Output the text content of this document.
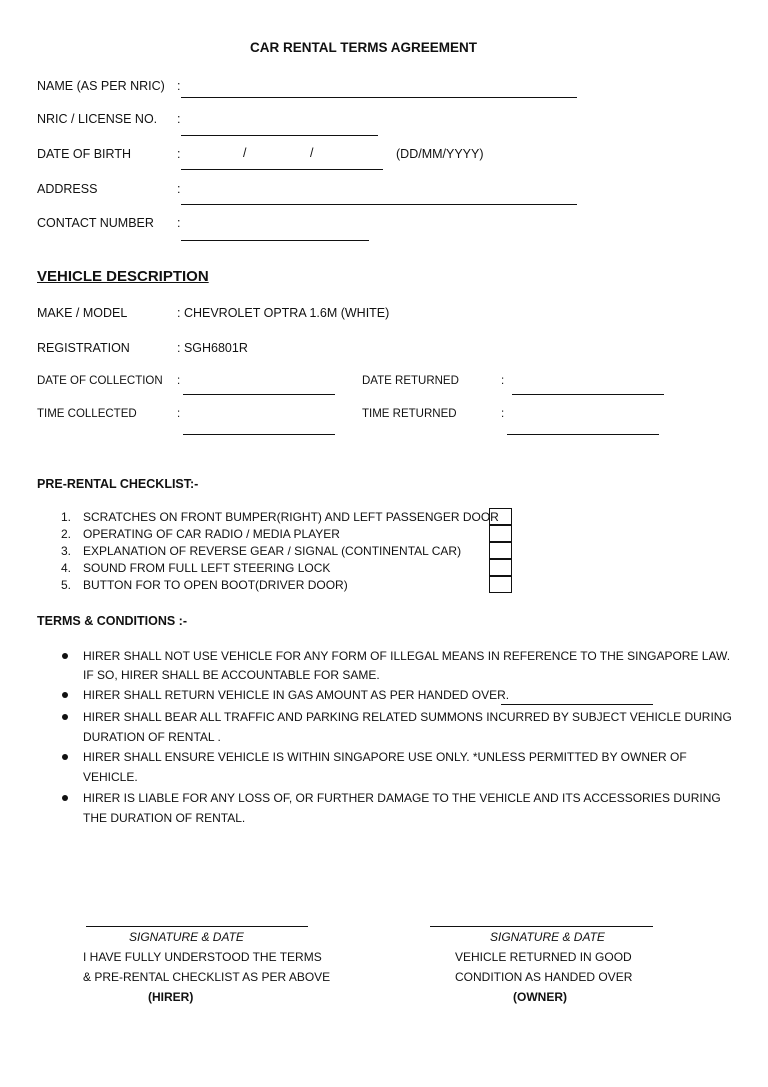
CAR RENTAL TERMS AGREEMENT
NAME (AS PER NRIC) :
NRIC / LICENSE NO. :
DATE OF BIRTH	:	/	/	(DD/MM/YYYY)
ADDRESS	:
CONTACT NUMBER :
VEHICLE DESCRIPTION
MAKE / MODEL	: CHEVROLET OPTRA 1.6M (WHITE)
REGISTRATION	: SGH6801R
DATE OF COLLECTION :	DATE RETURNED	:
TIME COLLECTED	:	TIME RETURNED	:
PRE-RENTAL CHECKLIST:-
1. SCRATCHES ON FRONT BUMPER(RIGHT) AND LEFT PASSENGER DOOR
2. OPERATING OF CAR RADIO / MEDIA PLAYER
3. EXPLANATION OF REVERSE GEAR / SIGNAL (CONTINENTAL CAR)
4. SOUND FROM FULL LEFT STEERING LOCK
5. BUTTON FOR TO OPEN BOOT(DRIVER DOOR)
TERMS & CONDITIONS :-
HIRER SHALL NOT USE VEHICLE FOR ANY FORM OF ILLEGAL MEANS IN REFERENCE TO THE SINGAPORE LAW.
IF SO, HIRER SHALL BE ACCOUNTABLE FOR SAME.
HIRER SHALL RETURN VEHICLE IN GAS AMOUNT AS PER HANDED OVER.
HIRER SHALL BEAR ALL TRAFFIC AND PARKING RELATED SUMMONS INCURRED BY SUBJECT VEHICLE DURING
DURATION OF RENTAL .
HIRER SHALL ENSURE VEHICLE IS WITHIN SINGAPORE USE ONLY. *UNLESS PERMITTED BY OWNER OF
VEHICLE.
HIRER IS LIABLE FOR ANY LOSS OF, OR FURTHER DAMAGE TO THE VEHICLE AND ITS ACCESSORIES DURING
THE DURATION OF RENTAL.
SIGNATURE & DATE
I HAVE FULLY UNDERSTOOD THE TERMS
& PRE-RENTAL CHECKLIST AS PER ABOVE
(HIRER)
SIGNATURE & DATE
VEHICLE RETURNED IN GOOD
CONDITION AS HANDED OVER
(OWNER)
